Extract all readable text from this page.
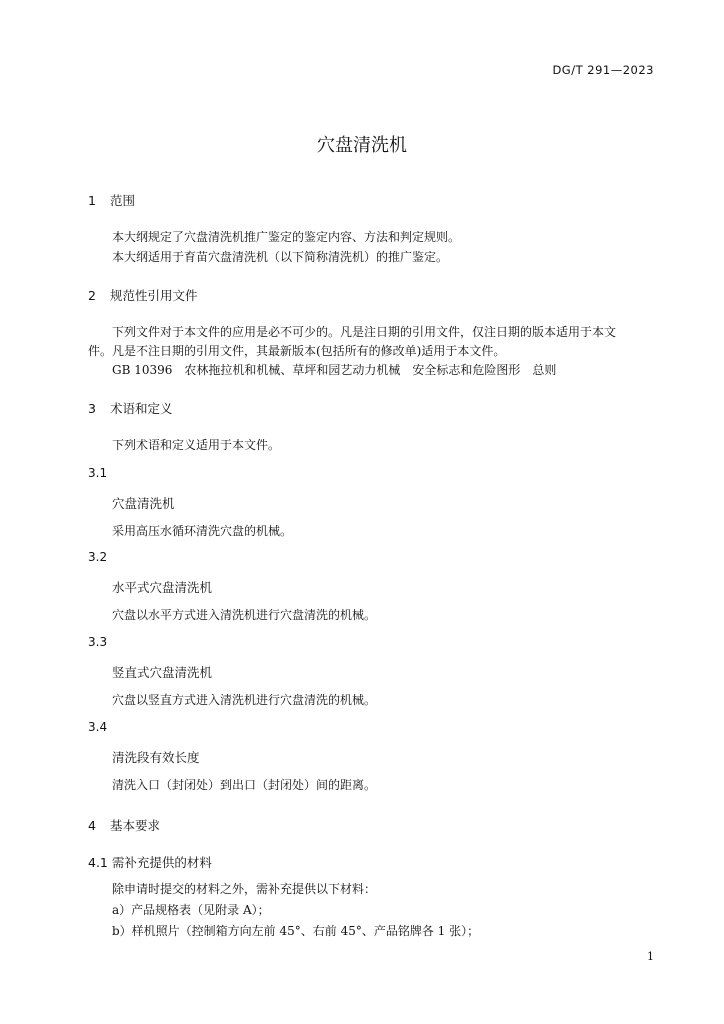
DG/T 291—2023
穴盘清洗机
1 范围
本大纲规定了穴盘清洗机推广鉴定的鉴定内容、方法和判定规则。
本大纲适用于育苗穴盘清洗机（以下简称清洗机）的推广鉴定。
2 规范性引用文件
下列文件对于本文件的应用是必不可少的。凡是注日期的引用文件，仅注日期的版本适用于本文
件。凡是不注日期的引用文件，其最新版本(包括所有的修改单)适用于本文件。
GB 10396　农林拖拉机和机械、草坪和园艺动力机械　安全标志和危险图形　总则
3 术语和定义
下列术语和定义适用于本文件。
3.1
穴盘清洗机
采用高压水循环清洗穴盘的机械。
3.2
水平式穴盘清洗机
穴盘以水平方式进入清洗机进行穴盘清洗的机械。
3.3
竖直式穴盘清洗机
穴盘以竖直方式进入清洗机进行穴盘清洗的机械。
3.4
清洗段有效长度
清洗入口（封闭处）到出口（封闭处）间的距离。
4 基本要求
4.1 需补充提供的材料
除申请时提交的材料之外，需补充提供以下材料：
a）产品规格表（见附录 A）；
b）样机照片（控制箱方向左前 45°、右前 45°、产品铭牌各 1 张）；
1
